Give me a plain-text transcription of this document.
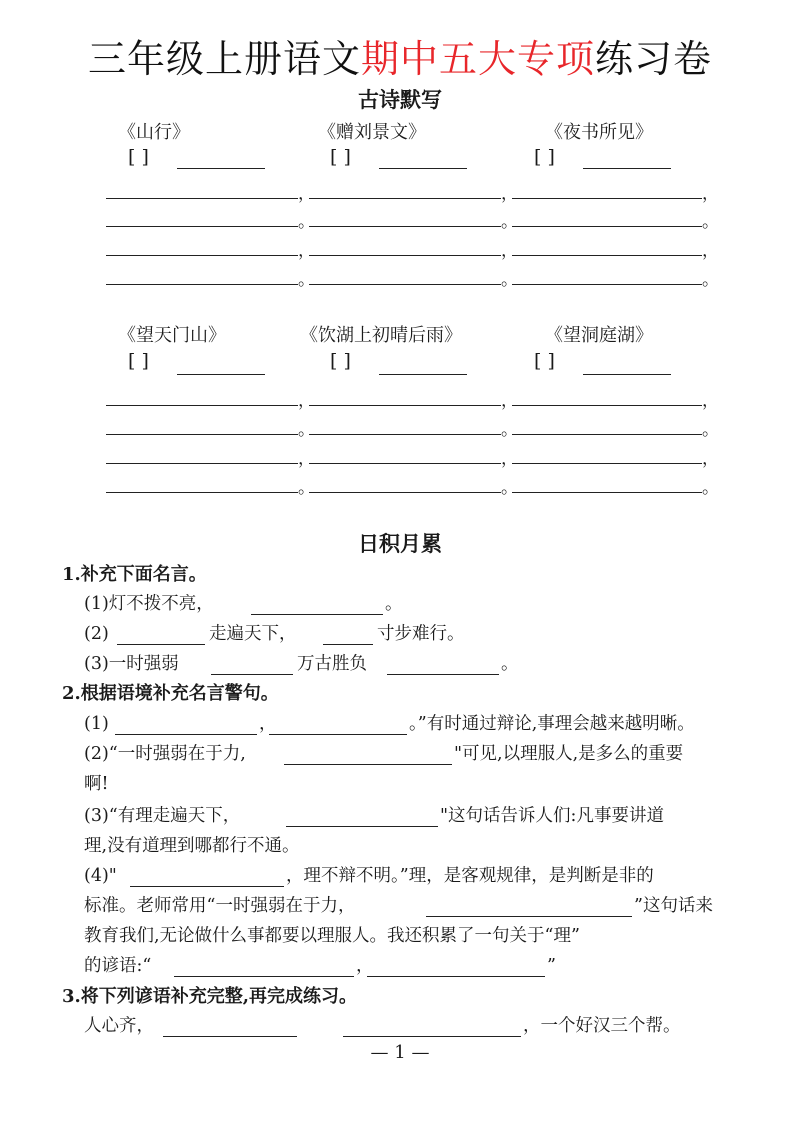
三年级上册语文期中五大专项练习卷
古诗默写
《山行》	《赠刘景文》	《夜书所见》
[ ]	[ ]	[ ]
，	，	，
。	。	。
，	，	，
。	。	。
《望天门山》	《饮湖上初晴后雨》	《望洞庭湖》
[ ]	[ ]	[ ]
，	，	，
。	。	。
，	，	，
。	。	。
日积月累
1.补充下面名言。
(1)灯不拨不亮，	。
(2)	走遍天下，	寸步难行。
(3)一时强弱	万古胜负	。
2.根据语境补充名言警句。
(1)	，	。”有时通过辩论,事理会越来越明晰。
(2)“一时强弱在于力,	"可见,以理服人,是多么的重要
啊!
(3)“有理走遍天下，	"这句话告诉人们:凡事要讲道
理,没有道理到哪都行不通。
(4)"	，理不辩不明。”理，是客观规律，是判断是非的
标准。老师常用“一时强弱在于力，	”这句话来
教育我们,无论做什么事都要以理服人。我还积累了一句关于“理”
的谚语:“	，	”
3.将下列谚语补充完整,再完成练习。
人心齐，	，一个好汉三个帮。
— 1 —
